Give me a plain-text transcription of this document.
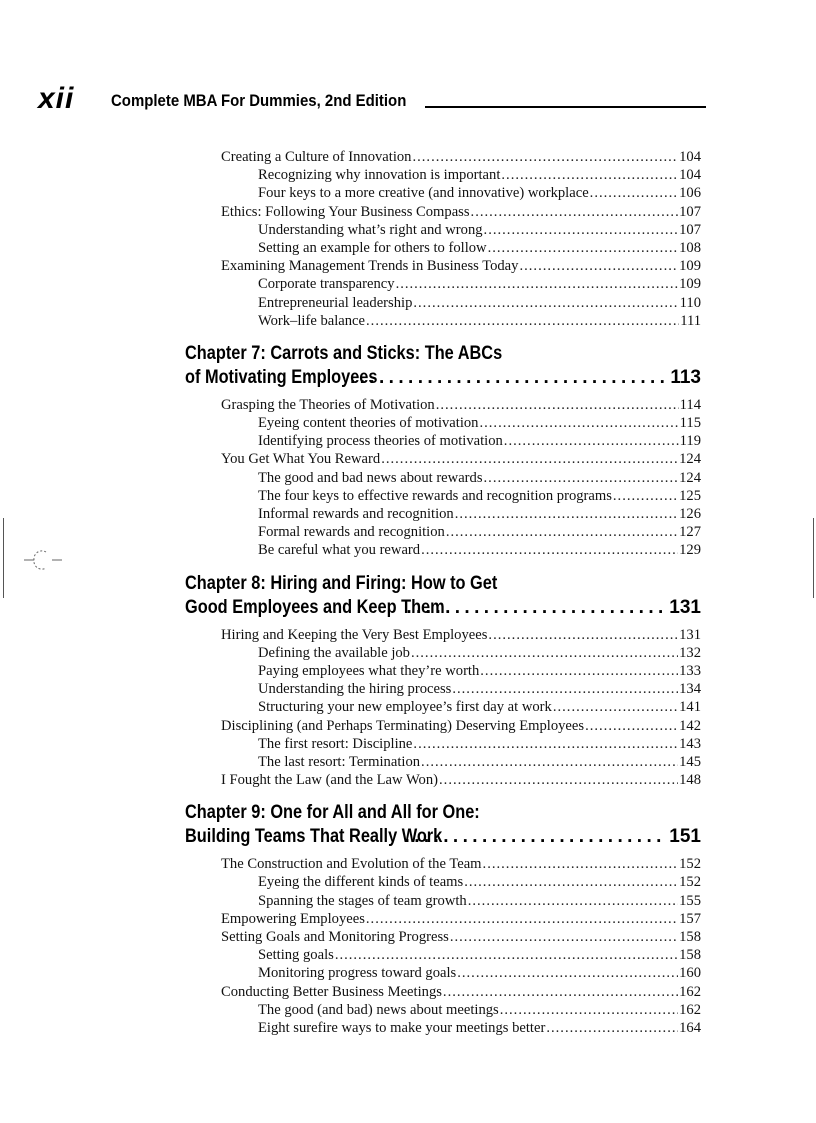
xii Complete MBA For Dummies, 2nd Edition
Creating a Culture of Innovation .....	104
Recognizing why innovation is important .....	104
Four keys to a more creative (and innovative) workplace .....	106
Ethics: Following Your Business Compass .....	107
Understanding what’s right and wrong .....	107
Setting an example for others to follow .....	108
Examining Management Trends in Business Today .....	109
Corporate transparency .....	109
Entrepreneurial leadership .....	110
Work–life balance .....	111
Chapter 7: Carrots and Sticks: The ABCs
of Motivating Employees .....	113
Grasping the Theories of Motivation .....	114
Eyeing content theories of motivation .....	115
Identifying process theories of motivation .....	119
You Get What You Reward .....	124
The good and bad news about rewards .....	124
The four keys to effective rewards and recognition programs .....	125
Informal rewards and recognition .....	126
Formal rewards and recognition .....	127
Be careful what you reward .....	129
Chapter 8: Hiring and Firing: How to Get
Good Employees and Keep Them .....	131
Hiring and Keeping the Very Best Employees .....	131
Defining the available job .....	132
Paying employees what they’re worth .....	133
Understanding the hiring process .....	134
Structuring your new employee’s first day at work .....	141
Disciplining (and Perhaps Terminating) Deserving Employees .....	142
The first resort: Discipline .....	143
The last resort: Termination .....	145
I Fought the Law (and the Law Won) .....	148
Chapter 9: One for All and All for One:
Building Teams That Really Work .....	151
The Construction and Evolution of the Team .....	152
Eyeing the different kinds of teams .....	152
Spanning the stages of team growth .....	155
Empowering Employees .....	157
Setting Goals and Monitoring Progress .....	158
Setting goals .....	158
Monitoring progress toward goals .....	160
Conducting Better Business Meetings .....	162
The good (and bad) news about meetings .....	162
Eight surefire ways to make your meetings better .....	164
